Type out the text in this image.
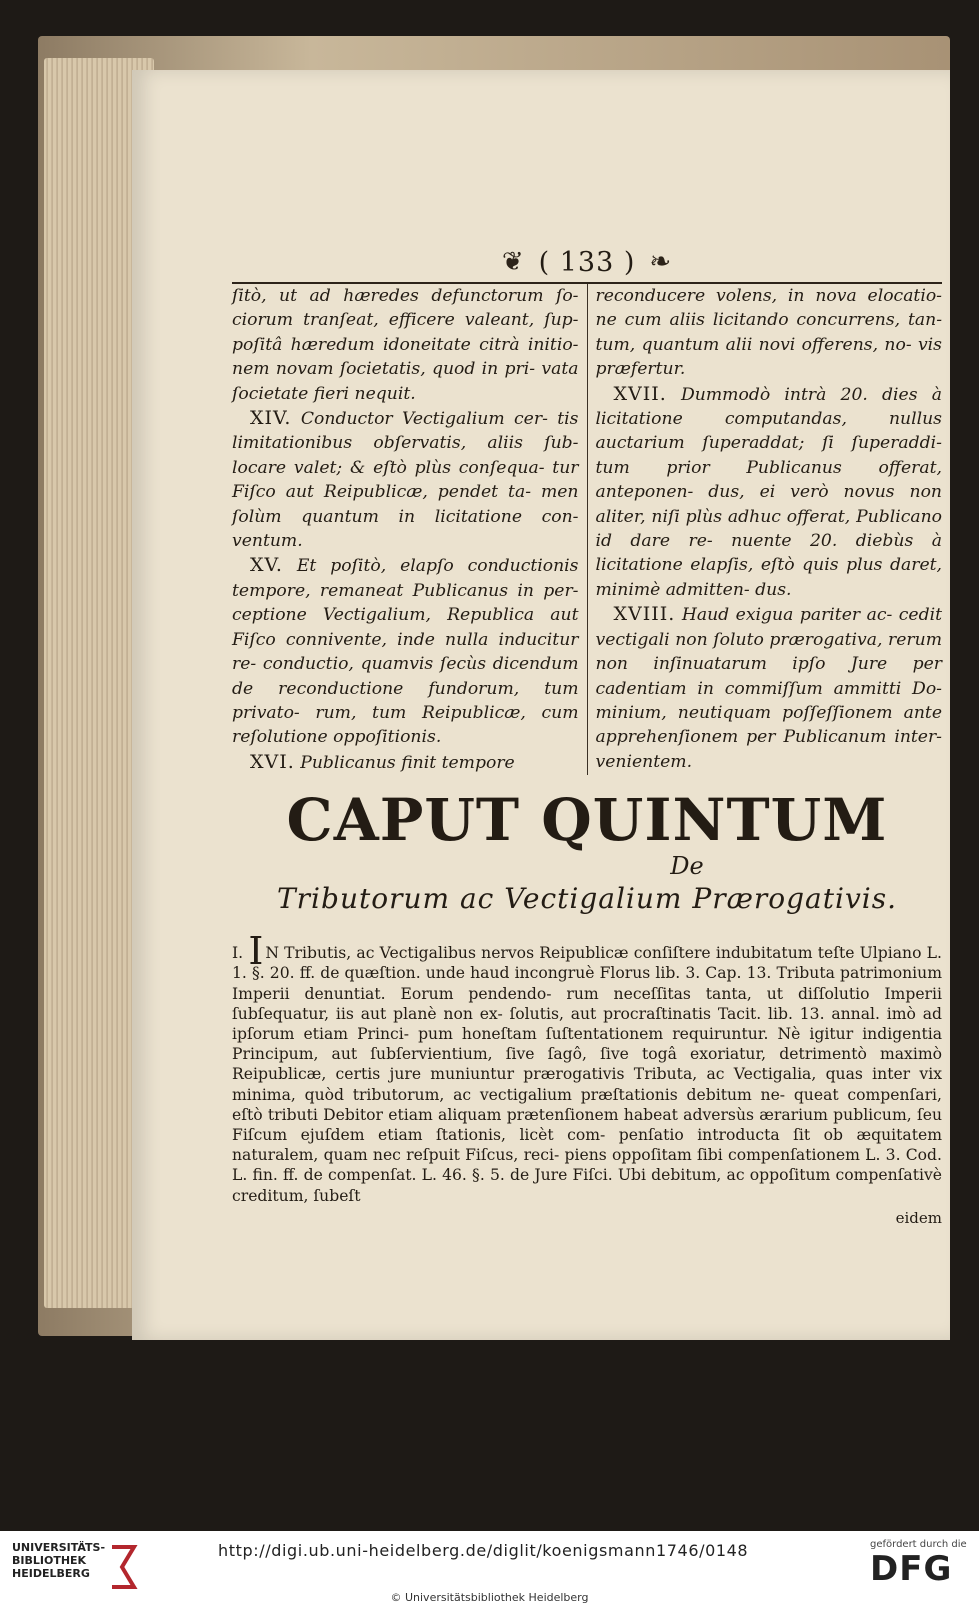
❦ ( 133 ) ❧

ſitò, ut ad hæredes defunctorum ſo- ciorum tranſeat, efficere valeant, ſup- poſitâ hæredum idoneitate citrà initio- nem novam ſocietatis, quod in pri- vata ſocietate fieri nequit.

XIV. Conductor Vectigalium cer- tis limitationibus obſervatis, aliis ſub- locare valet; & eſtò plùs conſequa- tur Fiſco aut Reipublicæ, pendet ta- men ſolùm quantum in licitatione con- ventum.

XV. Et poſitò, elapſo conductionis tempore, remaneat Publicanus in per- ceptione Vectigalium, Republica aut Fiſco connivente, inde nulla inducitur re- conductio, quamvis ſecùs dicendum de reconductione fundorum, tum privato- rum, tum Reipublicæ, cum reſolutione oppoſitionis.

XVI. Publicanus finit tempore

reconducere volens, in nova elocatio- ne cum aliis licitando concurrens, tan- tum, quantum alii novi offerens, no- vis præfertur.

XVII. Dummodò intrà 20. dies à licitatione computandas, nullus auctarium ſuperaddat; ſi ſuperaddi- tum prior Publicanus offerat, anteponen- dus, ei verò novus non aliter, niſi plùs adhuc offerat, Publicano id dare re- nuente 20. diebùs à licitatione elapſis, eſtò quis plus daret, minimè admitten- dus.

XVIII. Haud exigua pariter ac- cedit vectigali non ſoluto prærogativa, rerum non inſinuatarum ipſo Jure per cadentiam in commiſſum ammitti Do- minium, neutiquam poſſeſſionem ante apprehenſionem per Publicanum inter- venientem.

CAPUT QUINTUM
De
Tributorum ac Vectigalium Prærogativis.
I. I N Tributis, ac Vectigalibus nervos Reipublicæ conſiſtere indubitatum teſte Ulpiano L. 1. §. 20. ff. de quæſtion. unde haud incongruè Florus lib. 3. Cap. 13. Tributa patrimonium Imperii denuntiat. Eorum pendendo- rum neceſſitas tanta, ut diſſolutio Imperii ſubſequatur, iis aut planè non ex- ſolutis, aut procraſtinatis Tacit. lib. 13. annal. imò ad ipſorum etiam Princi- pum honeſtam ſuſtentationem requiruntur. Nè igitur indigentia Principum, aut ſubſervientium, ſive ſagô, ſive togâ exoriatur, detrimentò maximò Reipublicæ, certis jure muniuntur prærogativis Tributa, ac Vectigalia, quas inter vix minima, quòd tributorum, ac vectigalium præſtationis debitum ne- queat compenſari, eſtò tributi Debitor etiam aliquam prætenſionem habeat adversùs ærarium publicum, ſeu Fiſcum ejuſdem etiam ſtationis, licèt com- penſatio introducta ſit ob æquitatem naturalem, quam nec reſpuit Fiſcus, reci- piens oppoſitam ſibi compenſationem L. 3. Cod. L. fin. ff. de compenſat. L. 46. §. 5. de Jure Fiſci. Ubi debitum, ac oppoſitum compenſativè creditum, ſubeſt
eidem
UNIVERSITÄTS-
BIBLIOTHEK
HEIDELBERG
http://digi.ub.uni-heidelberg.de/diglit/koenigsmann1746/0148
© Universitätsbibliothek Heidelberg
gefördert durch die
DFG
